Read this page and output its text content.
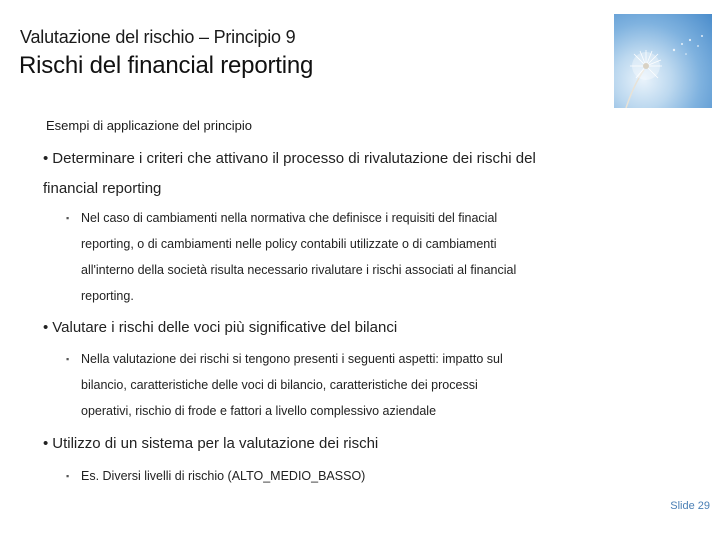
Valutazione del rischio – Principio 9
Rischi del financial reporting
Esempi di applicazione del principio
• Determinare i criteri che attivano il processo di rivalutazione dei rischi del
financial reporting
▪ Nel caso di cambiamenti nella normativa che definisce i requisiti del finacial
reporting, o di cambiamenti nelle policy contabili utilizzate o di cambiamenti
all'interno della società risulta necessario rivalutare i rischi associati al financial
reporting.
• Valutare i rischi delle voci più significative del bilanci
▪ Nella valutazione dei rischi si tengono presenti i seguenti aspetti: impatto sul
bilancio, caratteristiche delle voci di bilancio, caratteristiche dei processi
operativi, rischio di frode e fattori a livello complessivo aziendale
• Utilizzo di un sistema per la valutazione dei rischi
▪ Es. Diversi livelli di rischio (ALTO_MEDIO_BASSO)
Slide 29
